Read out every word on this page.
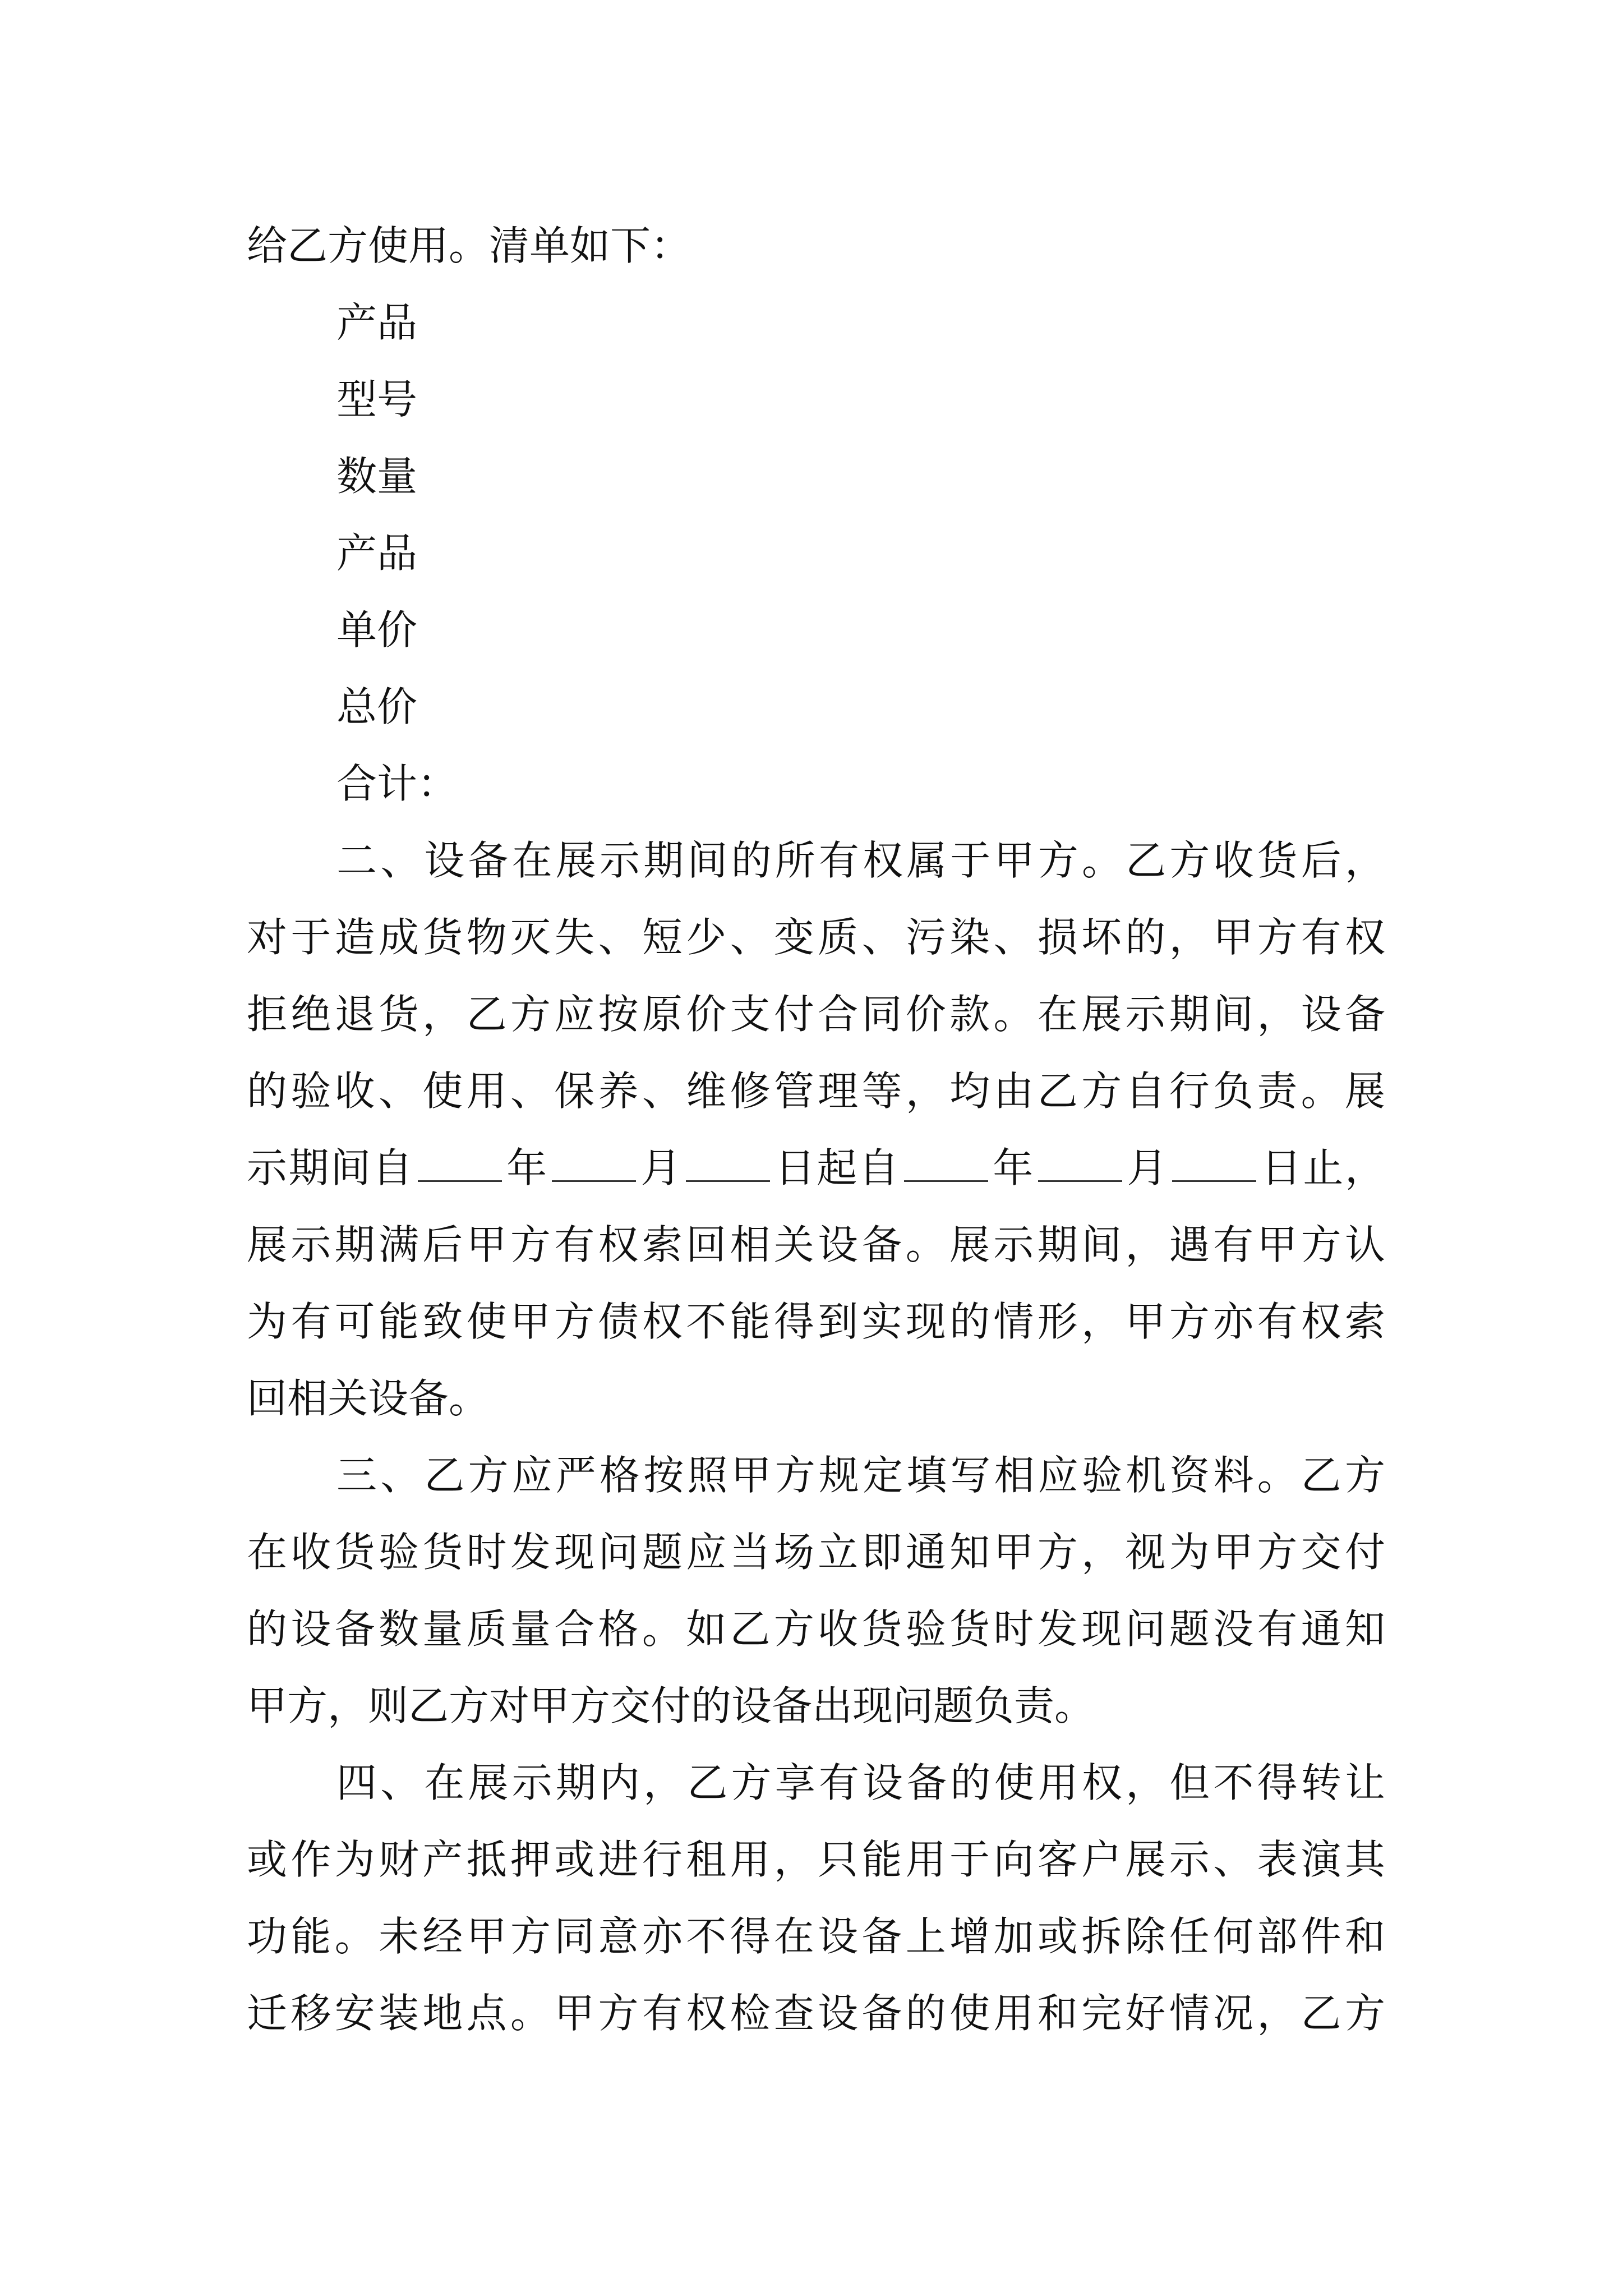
给乙方使用。清单如下：
产品
型号
数量
产品
单价
总价
合计：
二、设备在展示期间的所有权属于甲方。乙方收货后，
对于造成货物灭失、短少、变质、污染、损坏的，甲方有权
拒绝退货，乙方应按原价支付合同价款。在展示期间，设备
的验收、使用、保养、维修管理等，均由乙方自行负责。展
示期间自 年 月 日起自 年 月 日止，
展示期满后甲方有权索回相关设备。展示期间，遇有甲方认
为有可能致使甲方债权不能得到实现的情形，甲方亦有权索
回相关设备。
三、乙方应严格按照甲方规定填写相应验机资料。乙方
在收货验货时发现问题应当场立即通知甲方，视为甲方交付
的设备数量质量合格。如乙方收货验货时发现问题没有通知
甲方，则乙方对甲方交付的设备出现问题负责。
四、在展示期内，乙方享有设备的使用权，但不得转让
或作为财产抵押或进行租用，只能用于向客户展示、表演其
功能。未经甲方同意亦不得在设备上增加或拆除任何部件和
迁移安装地点。甲方有权检查设备的使用和完好情况，乙方
